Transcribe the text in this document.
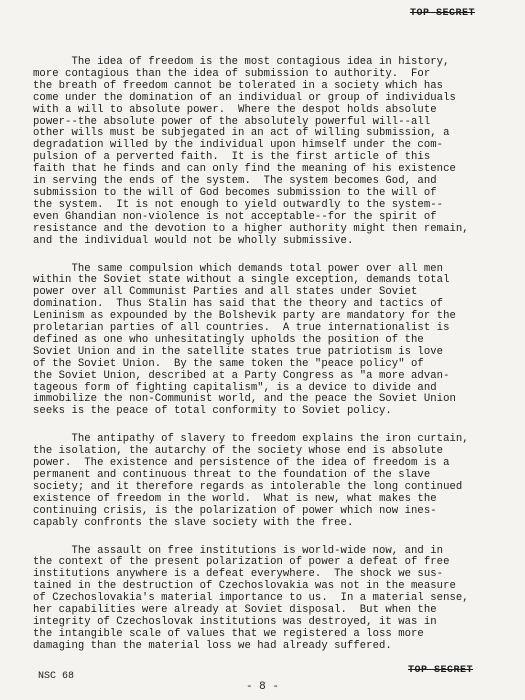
TOP SECRET

The idea of freedom is the most contagious idea in history,
more contagious than the idea of submission to authority.  For
the breath of freedom cannot be tolerated in a society which has
come under the domination of an individual or group of individuals
with a will to absolute power.  Where the despot holds absolute
power--the absolute power of the absolutely powerful will--all
other wills must be subjegated in an act of willing submission, a
degradation willed by the individual upon himself under the com-
pulsion of a perverted faith.  It is the first article of this
faith that he finds and can only find the meaning of his existence
in serving the ends of the system.  The system becomes God, and
submission to the will of God becomes submission to the will of
the system.  It is not enough to yield outwardly to the system--
even Ghandian non-violence is not acceptable--for the spirit of
resistance and the devotion to a higher authority might then remain,
and the individual would not be wholly submissive.

The same compulsion which demands total power over all men
within the Soviet state without a single exception, demands total
power over all Communist Parties and all states under Soviet
domination.  Thus Stalin has said that the theory and tactics of
Leninism as expounded by the Bolshevik party are mandatory for the
proletarian parties of all countries.  A true internationalist is
defined as one who unhesitatingly upholds the position of the
Soviet Union and in the satellite states true patriotism is love
of the Soviet Union.  By the same token the "peace policy" of
the Soviet Union, described at a Party Congress as "a more advan-
tageous form of fighting capitalism", is a device to divide and
immobilize the non-Communist world, and the peace the Soviet Union
seeks is the peace of total conformity to Soviet policy.

The antipathy of slavery to freedom explains the iron curtain,
the isolation, the autarchy of the society whose end is absolute
power.  The existence and persistence of the idea of freedom is a
permanent and continuous threat to the foundation of the slave
society; and it therefore regards as intolerable the long continued
existence of freedom in the world.  What is new, what makes the
continuing crisis, is the polarization of power which now ines-
capably confronts the slave society with the free.

The assault on free institutions is world-wide now, and in
the context of the present polarization of power a defeat of free
institutions anywhere is a defeat everywhere.  The shock we sus-
tained in the destruction of Czechoslovakia was not in the measure
of Czechoslovakia's material importance to us.  In a material sense,
her capabilities were already at Soviet disposal.  But when the
integrity of Czechoslovak institutions was destroyed, it was in
the intangible scale of values that we registered a loss more
damaging than the material loss we had already suffered.

NSC 68
- 8 -
TOP SECRET
